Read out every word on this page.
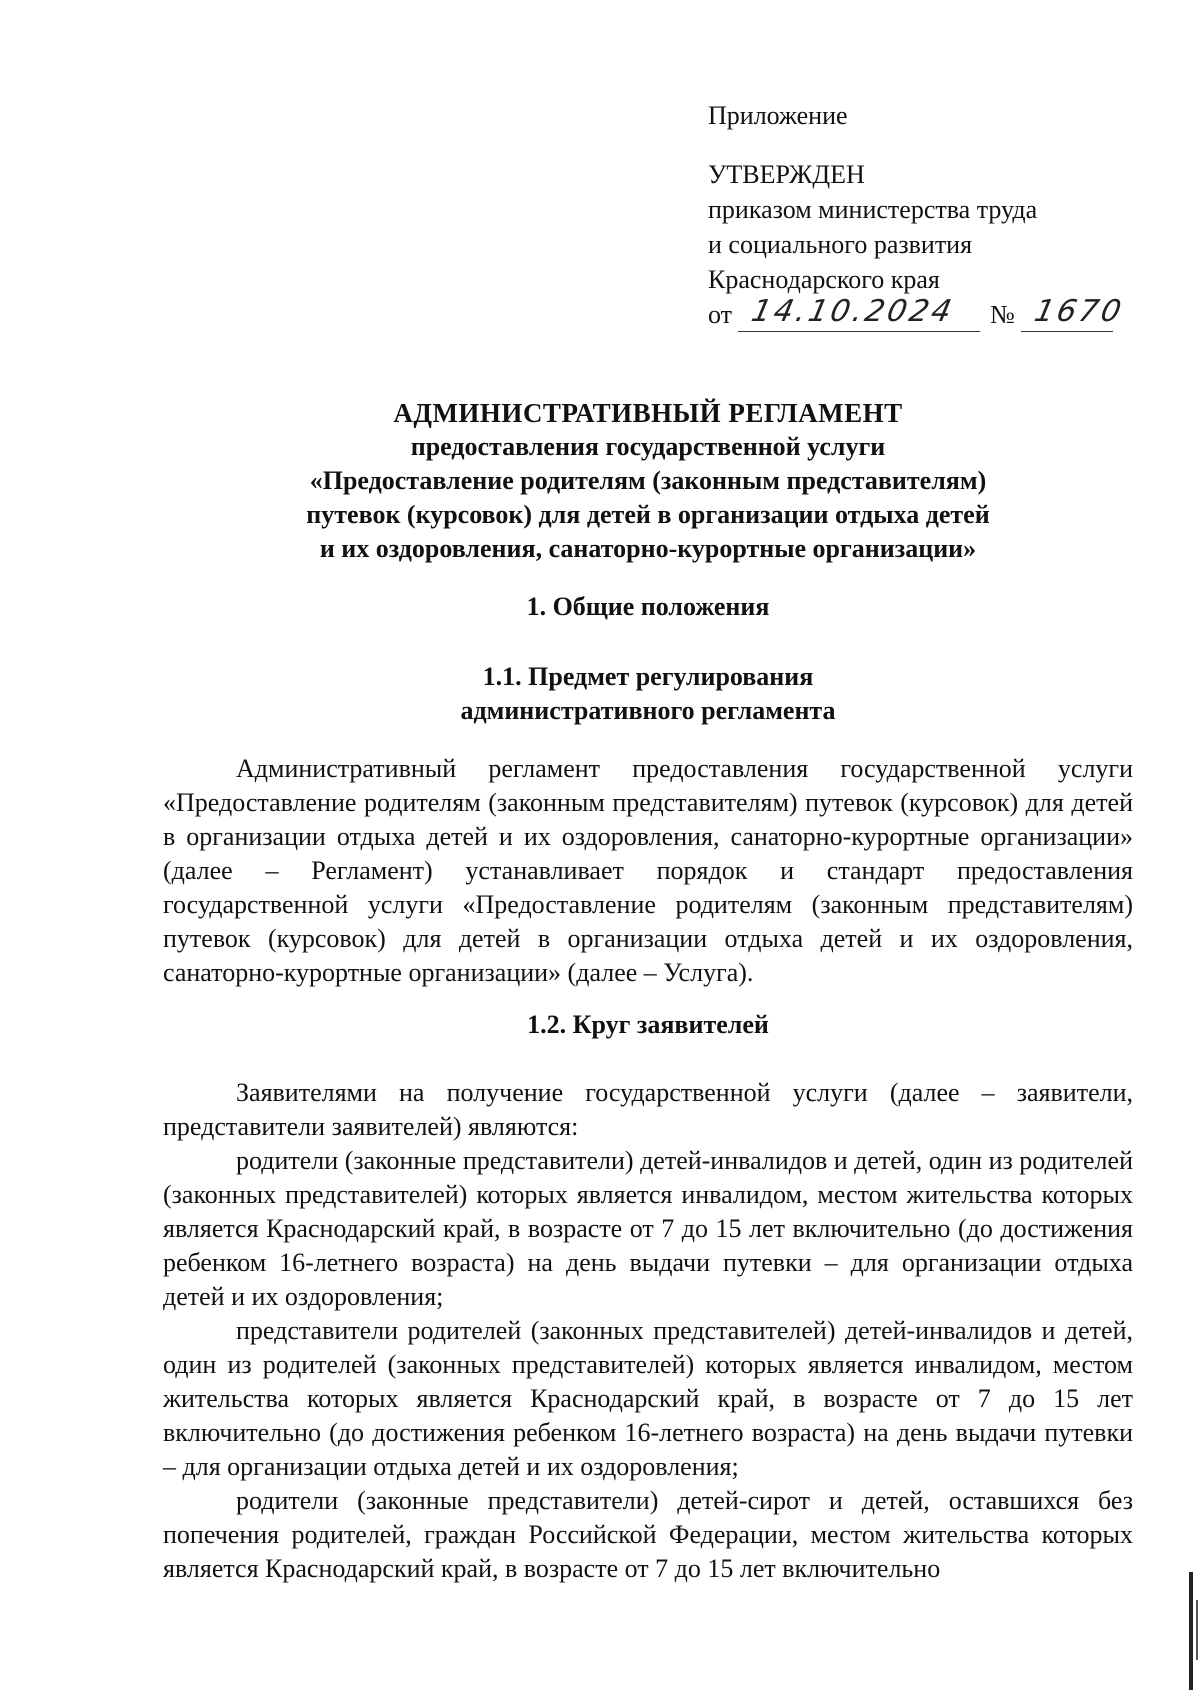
Приложение
УТВЕРЖДЕН
приказом министерства труда
и социального развития
Краснодарского края
от 14.10.2024 № 1670
АДМИНИСТРАТИВНЫЙ РЕГЛАМЕНТ
предоставления государственной услуги
«Предоставление родителям (законным представителям)
путевок (курсовок) для детей в организации отдыха детей
и их оздоровления, санаторно-курортные организации»
1. Общие положения
1.1. Предмет регулирования
административного регламента

Административный регламент предоставления государственной услуги «Предоставление родителям (законным представителям) путевок (курсовок) для детей в организации отдыха детей и их оздоровления, санаторно-курортные организации» (далее – Регламент) устанавливает порядок и стандарт предоставления государственной услуги «Предоставление родителям (законным представителям) путевок (курсовок) для детей в организации отдыха детей и их оздоровления, санаторно-курортные организации» (далее – Услуга).

1.2. Круг заявителей

Заявителями на получение государственной услуги (далее – заявители, представители заявителей) являются:

родители (законные представители) детей-инвалидов и детей, один из родителей (законных представителей) которых является инвалидом, местом жительства которых является Краснодарский край, в возрасте от 7 до 15 лет включительно (до достижения ребенком 16-летнего возраста) на день выдачи путевки – для организации отдыха детей и их оздоровления;

представители родителей (законных представителей) детей-инвалидов и детей, один из родителей (законных представителей) которых является инвалидом, местом жительства которых является Краснодарский край, в возрасте от 7 до 15 лет включительно (до достижения ребенком 16-летнего возраста) на день выдачи путевки – для организации отдыха детей и их оздоровления;

родители (законные представители) детей-сирот и детей, оставшихся без попечения родителей, граждан Российской Федерации, местом жительства которых является Краснодарский край, в возрасте от 7 до 15 лет включительно
